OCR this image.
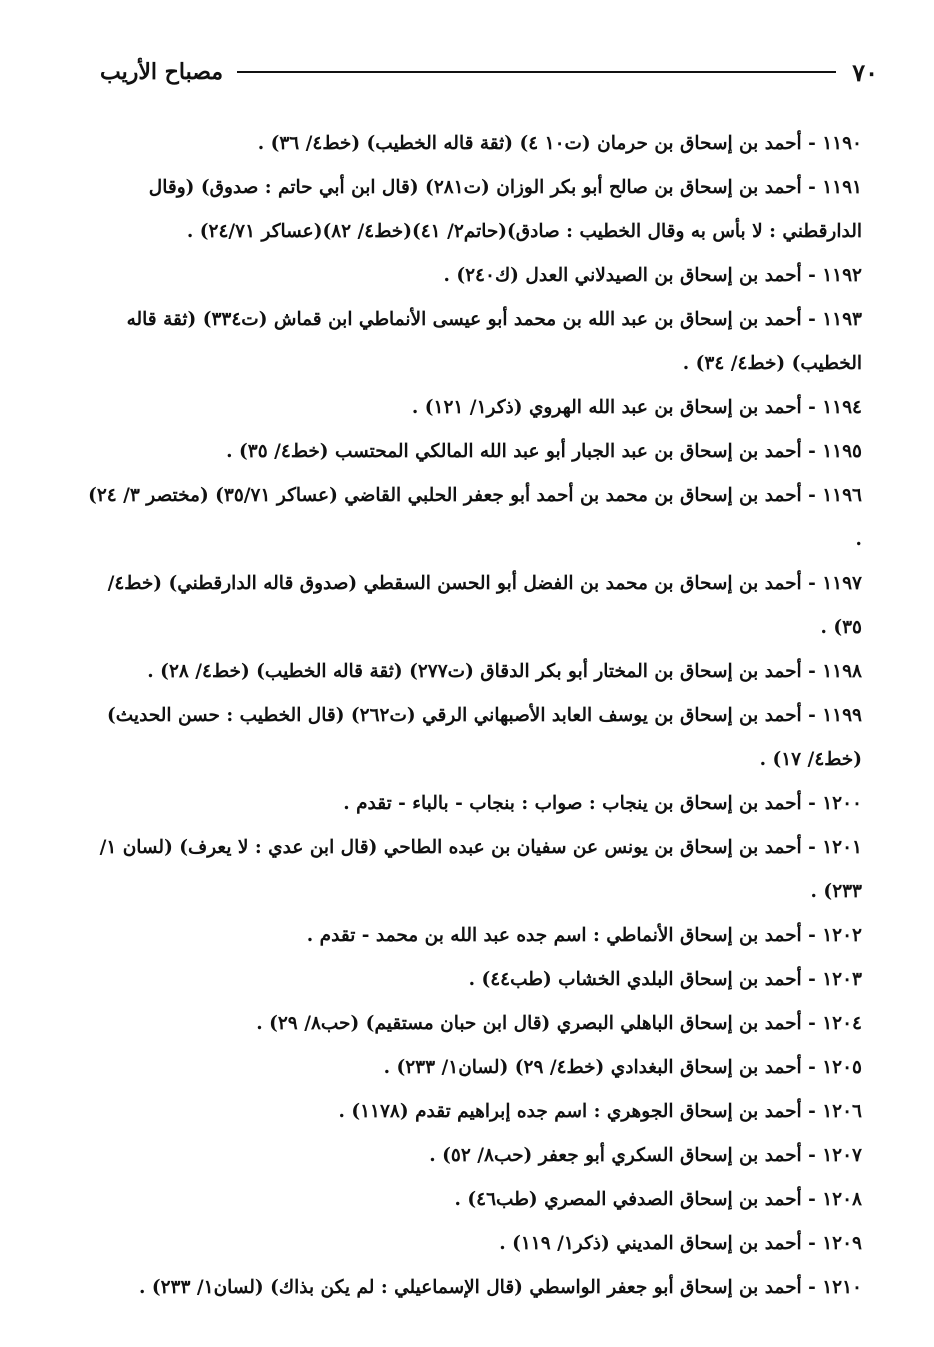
٧٠
مصباح الأريب
١١٩٠ - أحمد بن إسحاق بن حرمان (ت١٠ ٤) (ثقة قاله الخطيب) (خط٤/ ٣٦) .
١١٩١ - أحمد بن إسحاق بن صالح أبو بكر الوزان (ت٢٨١) (قال ابن أبي حاتم : صدوق) (وقال الدارقطني : لا بأس به وقال الخطيب : صادق)(حاتم٢/ ٤١)(خط٤/ ٨٢)(عساكر ٢٤/٧١) .
١١٩٢ - أحمد بن إسحاق بن الصيدلاني العدل (ك٢٤٠) .
١١٩٣ - أحمد بن إسحاق بن عبد الله بن محمد أبو عيسى الأنماطي ابن قماش (ت٣٣٤) (ثقة قاله الخطيب) (خط٤/ ٣٤) .
١١٩٤ - أحمد بن إسحاق بن عبد الله الهروي (ذكر١/ ١٢١) .
١١٩٥ - أحمد بن إسحاق بن عبد الجبار أبو عبد الله المالكي المحتسب (خط٤/ ٣٥) .
١١٩٦ - أحمد بن إسحاق بن محمد بن أحمد أبو جعفر الحلبي القاضي (عساكر ٣٥/٧١) (مختصر ٣/ ٢٤) .
١١٩٧ - أحمد بن إسحاق بن محمد بن الفضل أبو الحسن السقطي (صدوق قاله الدارقطني) (خط٤/ ٣٥) .
١١٩٨ - أحمد بن إسحاق بن المختار أبو بكر الدقاق (ت٢٧٧) (ثقة قاله الخطيب) (خط٤/ ٢٨) .
١١٩٩ - أحمد بن إسحاق بن يوسف العابد الأصبهاني الرقي (ت٢٦٢) (قال الخطيب : حسن الحديث) (خط٤/ ١٧) .
١٢٠٠ - أحمد بن إسحاق بن ينجاب : صواب : بنجاب - بالباء - تقدم .
١٢٠١ - أحمد بن إسحاق بن يونس عن سفيان بن عبده الطاحي (قال ابن عدي : لا يعرف) (لسان ١/ ٢٣٣) .
١٢٠٢ - أحمد بن إسحاق الأنماطي : اسم جده عبد الله بن محمد - تقدم .
١٢٠٣ - أحمد بن إسحاق البلدي الخشاب (طب٤٤) .
١٢٠٤ - أحمد بن إسحاق الباهلي البصري (قال ابن حبان مستقيم) (حب٨/ ٢٩) .
١٢٠٥ - أحمد بن إسحاق البغدادي (خط٤/ ٢٩) (لسان١/ ٢٣٣) .
١٢٠٦ - أحمد بن إسحاق الجوهري : اسم جده إبراهيم تقدم (١١٧٨) .
١٢٠٧ - أحمد بن إسحاق السكري أبو جعفر (حب٨/ ٥٢) .
١٢٠٨ - أحمد بن إسحاق الصدفي المصري (طب٤٦) .
١٢٠٩ - أحمد بن إسحاق المديني (ذكر١/ ١١٩) .
١٢١٠ - أحمد بن إسحاق أبو جعفر الواسطي (قال الإسماعيلي : لم يكن بذاك) (لسان١/ ٢٣٣) .
